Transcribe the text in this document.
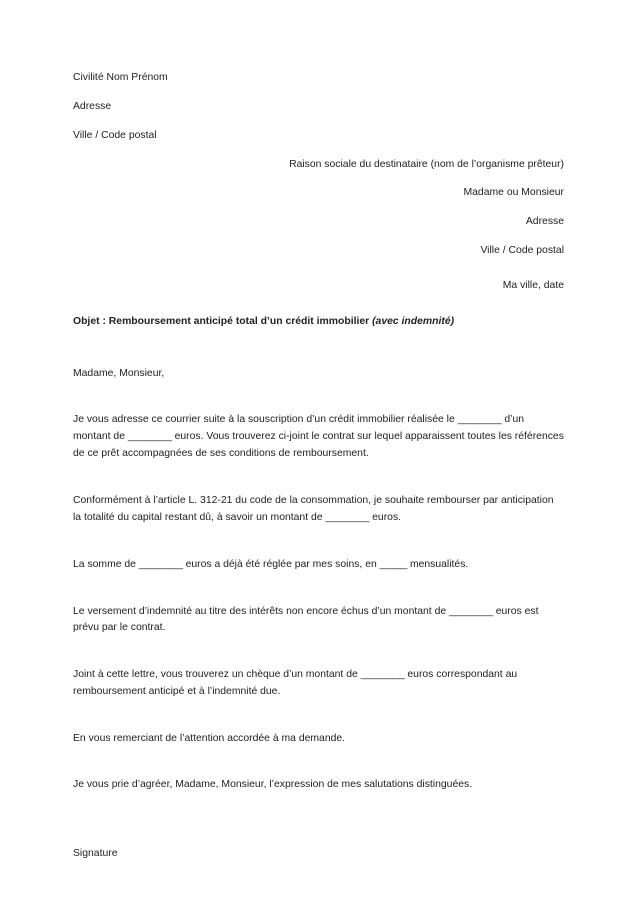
Civilité Nom Prénom
Adresse
Ville / Code postal
Raison sociale du destinataire (nom de l’organisme prêteur)
Madame ou Monsieur
Adresse
Ville / Code postal
Ma ville, date
Objet : Remboursement anticipé total d’un crédit immobilier (avec indemnité)
Madame, Monsieur,
Je vous adresse ce courrier suite à la souscription d’un crédit immobilier réalisée le ________ d’un montant de ________ euros. Vous trouverez ci-joint le contrat sur lequel apparaissent toutes les références de ce prêt accompagnées de ses conditions de remboursement.
Conformément à l’article L. 312-21 du code de la consommation, je souhaite rembourser par anticipation la totalité du capital restant dû, à savoir un montant de ________ euros.
La somme de ________ euros a déjà été réglée par mes soins, en _____ mensualités.
Le versement d’indemnité au titre des intérêts non encore échus d’un montant de ________ euros est prévu par le contrat.
Joint à cette lettre, vous trouverez un chèque d’un montant de ________ euros correspondant au remboursement anticipé et à l’indemnité due.
En vous remerciant de l’attention accordée à ma demande.
Je vous prie d’agréer, Madame, Monsieur, l’expression de mes salutations distinguées.
Signature
